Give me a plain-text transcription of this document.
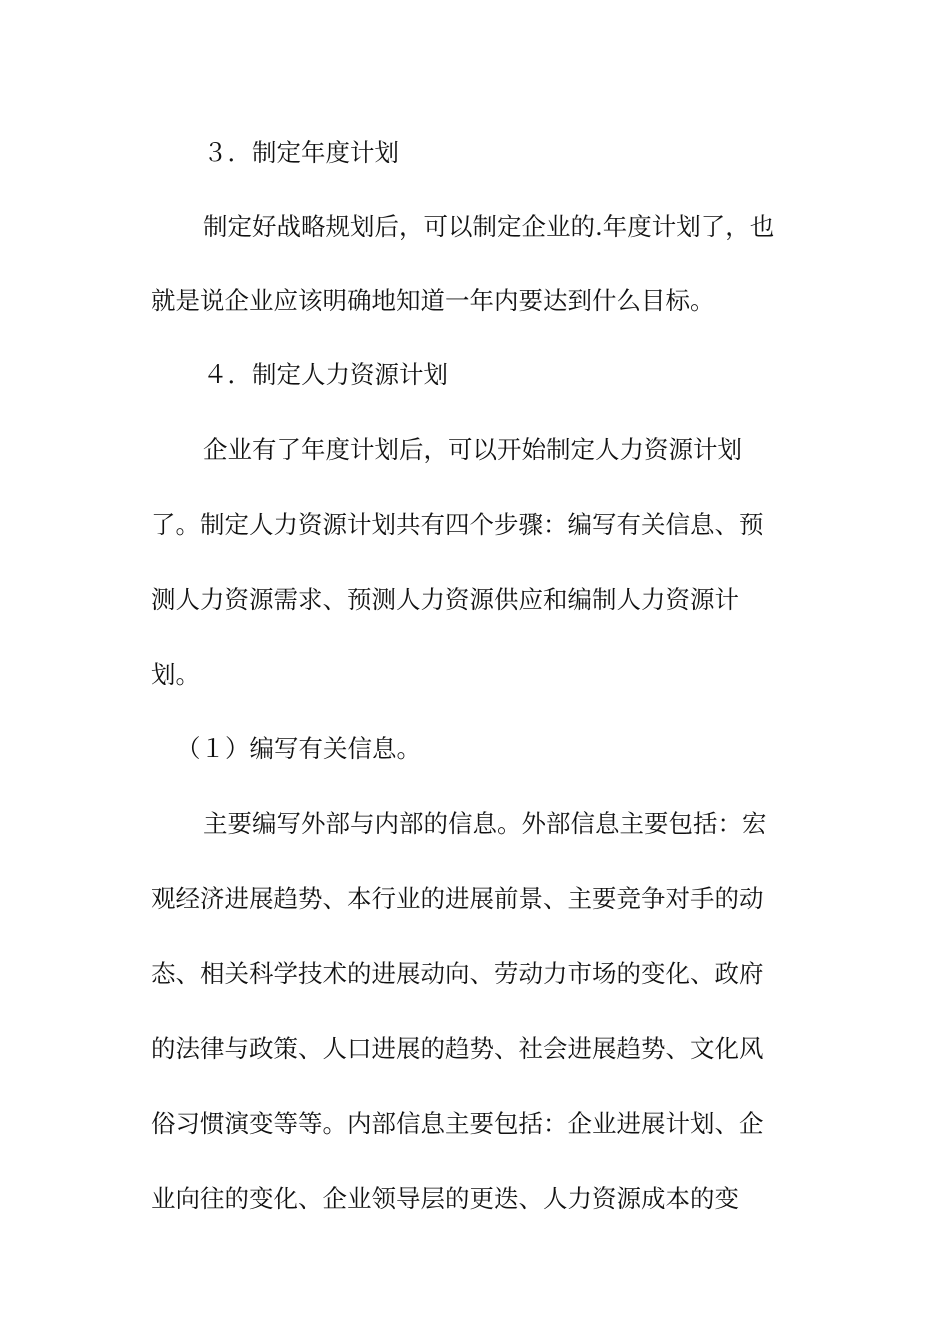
３．制定年度计划

制定好战略规划后，可以制定企业的.年度计划了，也

就是说企业应该明确地知道一年内要达到什么目标。

４．制定人力资源计划

企业有了年度计划后，可以开始制定人力资源计划

了。制定人力资源计划共有四个步骤：编写有关信息、预

测人力资源需求、预测人力资源供应和编制人力资源计

划。

（１）编写有关信息。

主要编写外部与内部的信息。外部信息主要包括：宏

观经济进展趋势、本行业的进展前景、主要竞争对手的动

态、相关科学技术的进展动向、劳动力市场的变化、政府

的法律与政策、人口进展的趋势、社会进展趋势、文化风

俗习惯演变等等。内部信息主要包括：企业进展计划、企

业向往的变化、企业领导层的更迭、人力资源成本的变
